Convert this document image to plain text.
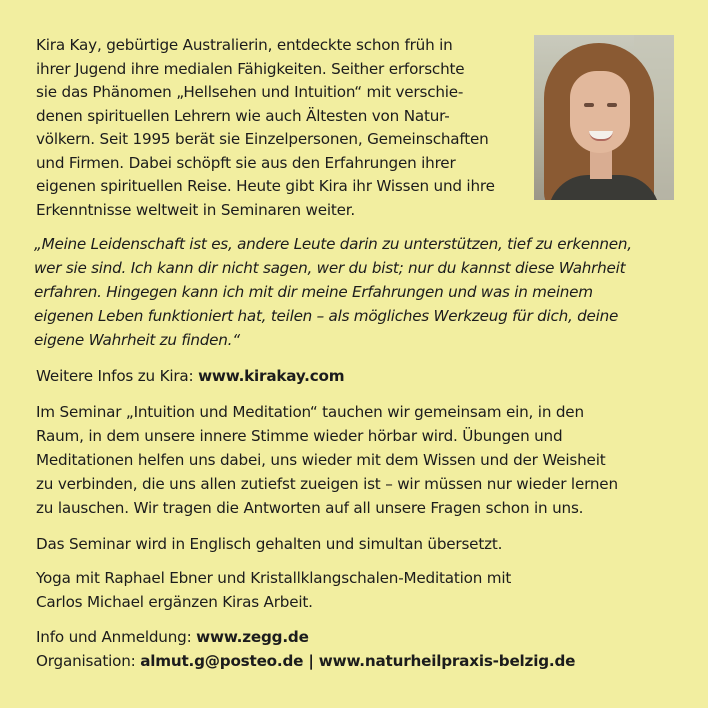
Kira Kay, gebürtige Australierin, entdeckte schon früh in
ihrer Jugend ihre medialen Fähigkeiten. Seither erforschte
sie das Phänomen „Hellsehen und Intuition“ mit verschie-
denen spirituellen Lehrern wie auch Ältesten von Natur-
völkern. Seit 1995 berät sie Einzelpersonen, Gemeinschaften
und Firmen. Dabei schöpft sie aus den Erfahrungen ihrer
eigenen spirituellen Reise. Heute gibt Kira ihr Wissen und ihre
Erkenntnisse weltweit in Seminaren weiter.
„Meine Leidenschaft ist es, andere Leute darin zu unterstützen, tief zu erkennen,
wer sie sind. Ich kann dir nicht sagen, wer du bist; nur du kannst diese Wahrheit
erfahren. Hingegen kann ich mit dir meine Erfahrungen und was in meinem
eigenen Leben funktioniert hat, teilen – als mögliches Werkzeug für dich, deine
eigene Wahrheit zu finden.“
Weitere Infos zu Kira: www.kirakay.com
Im Seminar „Intuition und Meditation“ tauchen wir gemeinsam ein, in den
Raum, in dem unsere innere Stimme wieder hörbar wird. Übungen und
Meditationen helfen uns dabei, uns wieder mit dem Wissen und der Weisheit
zu verbinden, die uns allen zutiefst zueigen ist – wir müssen nur wieder lernen
zu lauschen. Wir tragen die Antworten auf all unsere Fragen schon in uns.
Das Seminar wird in Englisch gehalten und simultan übersetzt.
Yoga mit Raphael Ebner und Kristallklangschalen-Meditation mit
Carlos Michael ergänzen Kiras Arbeit.
Info und Anmeldung: www.zegg.de
Organisation: almut.g@posteo.de | www.naturheilpraxis-belzig.de
